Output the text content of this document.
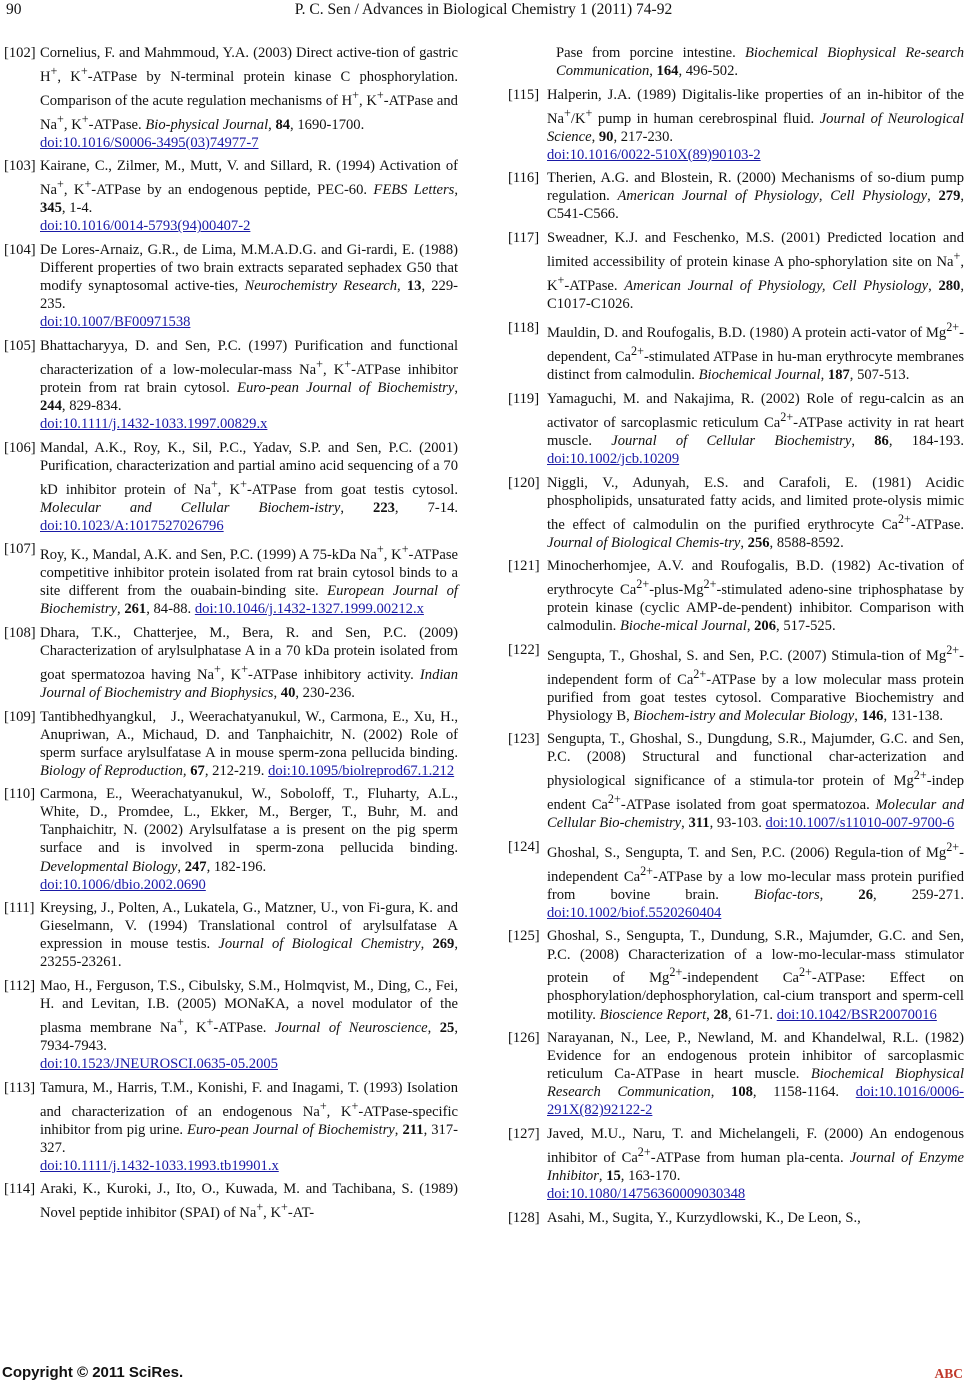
90	P. C. Sen / Advances in Biological Chemistry 1 (2011) 74-92
[102] Cornelius, F. and Mahmmoud, Y.A. (2003) Direct active-tion of gastric H+, K+-ATPase by N-terminal protein kinase C phosphorylation. Comparison of the acute regulation mechanisms of H+, K+-ATPase and Na+, K+-ATPase. Bio-physical Journal, 84, 1690-1700.
doi:10.1016/S0006-3495(03)74977-7
[103] Kairane, C., Zilmer, M., Mutt, V. and Sillard, R. (1994) Activation of Na+, K+-ATPase by an endogenous peptide, PEC-60. FEBS Letters, 345, 1-4.
doi:10.1016/0014-5793(94)00407-2
[104] De Lores-Arnaiz, G.R., de Lima, M.M.A.D.G. and Gi-rardi, E. (1988) Different properties of two brain extracts separated sephadex G50 that modify synaptosomal active-ties, Neurochemistry Research, 13, 229-235.
doi:10.1007/BF00971538
[105] Bhattacharyya, D. and Sen, P.C. (1997) Purification and functional characterization of a low-molecular-mass Na+, K+-ATPase inhibitor protein from rat brain cytosol. Euro-pean Journal of Biochemistry, 244, 829-834.
doi:10.1111/j.1432-1033.1997.00829.x
[106] Mandal, A.K., Roy, K., Sil, P.C., Yadav, S.P. and Sen, P.C. (2001) Purification, characterization and partial amino acid sequencing of a 70 kD inhibitor protein of Na+, K+-ATPase from goat testis cytosol. Molecular and Cellular Biochem-istry, 223, 7-14. doi:10.1023/A:1017527026796
[107] Roy, K., Mandal, A.K. and Sen, P.C. (1999) A 75-kDa Na+, K+-ATPase competitive inhibitor protein isolated from rat brain cytosol binds to a site different from the ouabain-binding site. European Journal of Biochemistry, 261, 84-88. doi:10.1046/j.1432-1327.1999.00212.x
[108] Dhara, T.K., Chatterjee, M., Bera, R. and Sen, P.C. (2009) Characterization of arylsulphatase A in a 70 kDa protein isolated from goat spermatozoa having Na+, K+-ATPase inhibitory activity. Indian Journal of Biochemistry and Biophysics, 40, 230-236.
[109] Tantibhedhyangkul,   J., Weerachatyanukul, W., Carmona, E., Xu, H., Anupriwan, A., Michaud, D. and Tanphaichitr, N. (2002) Role of sperm surface arylsulfatase A in mouse sperm-zona pellucida binding. Biology of Reproduction, 67, 212-219. doi:10.1095/biolreprod67.1.212
[110] Carmona, E., Weerachatyanukul, W., Soboloff, T., Fluharty, A.L., White, D., Promdee, L., Ekker, M., Berger, T., Buhr, M. and Tanphaichitr, N. (2002) Arylsulfatase a is present on the pig sperm surface and is involved in sperm-zona pellucida binding. Developmental Biology, 247, 182-196.
doi:10.1006/dbio.2002.0690
[111] Kreysing, J., Polten, A., Lukatela, G., Matzner, U., von Fi-gura, K. and Gieselmann, V. (1994) Translational control of arylsulfatase A expression in mouse testis. Journal of Biological Chemistry, 269, 23255-23261.
[112] Mao, H., Ferguson, T.S., Cibulsky, S.M., Holmqvist, M., Ding, C., Fei, H. and Levitan, I.B. (2005) MONaKA, a novel modulator of the plasma membrane Na+, K+-ATPase. Journal of Neuroscience, 25, 7934-7943.
doi:10.1523/JNEUROSCI.0635-05.2005
[113] Tamura, M., Harris, T.M., Konishi, F. and Inagami, T. (1993) Isolation and characterization of an endogenous Na+, K+-ATPase-specific inhibitor from pig urine. Euro-pean Journal of Biochemistry, 211, 317-327.
doi:10.1111/j.1432-1033.1993.tb19901.x
[114] Araki, K., Kuroki, J., Ito, O., Kuwada, M. and Tachibana, S. (1989) Novel peptide inhibitor (SPAI) of Na+, K+-AT-
Pase from porcine intestine. Biochemical Biophysical Re-search Communication, 164, 496-502.
[115] Halperin, J.A. (1989) Digitalis-like properties of an in-hibitor of the Na+/K+ pump in human cerebrospinal fluid. Journal of Neurological Science, 90, 217-230.
doi:10.1016/0022-510X(89)90103-2
[116] Therien, A.G. and Blostein, R. (2000) Mechanisms of so-dium pump regulation. American Journal of Physiology, Cell Physiology, 279, C541-C566.
[117] Sweadner, K.J. and Feschenko, M.S. (2001) Predicted location and limited accessibility of protein kinase A pho-sphorylation site on Na+, K+-ATPase. American Journal of Physiology, Cell Physiology, 280, C1017-C1026.
[118] Mauldin, D. and Roufogalis, B.D. (1980) A protein acti-vator of $Mg^{2+}$-dependent, $Ca^{2+}$-stimulated ATPase in hu-man erythrocyte membranes distinct from calmodulin. Biochemical Journal, 187, 507-513.
[119] Yamaguchi, M. and Nakajima, R. (2002) Role of regu-calcin as an activator of sarcoplasmic reticulum $Ca^{2+}$-ATPase activity in rat heart muscle. Journal of Cellular Biochemistry, 86, 184-193. doi:10.1002/jcb.10209
[120] Niggli, V., Adunyah, E.S. and Carafoli, E. (1981) Acidic phospholipids, unsaturated fatty acids, and limited prote-olysis mimic the effect of calmodulin on the purified erythrocyte $Ca^{2+}$-ATPase. Journal of Biological Chemis-try, 256, 8588-8592.
[121] Minocherhomjee, A.V. and Roufogalis, B.D. (1982) Ac-tivation of erythrocyte $Ca^{2+}-plus-Mg^{2+}$-stimulated adeno-sine triphosphatase by protein kinase (cyclic AMP-de-pendent) inhibitor. Comparison with calmodulin. Bioche-mical Journal, 206, 517-525.
[122] Sengupta, T., Ghoshal, S. and Sen, P.C. (2007) Stimula-tion of $Mg^{2+}$-independent form of $Ca^{2+}$-ATPase by a low molecular mass protein purified from goat testes cytosol. Comparative Biochemistry and Physiology B, Biochem-istry and Molecular Biology, 146, 131-138.
[123] Sengupta, T., Ghoshal, S., Dungdung, S.R., Majumder, G.C. and Sen, P.C. (2008) Structural and functional char-acterization and physiological significance of a stimula-tor protein of $Mg^{2+}$-indep endent $Ca^{2+}$-ATPase isolated from goat spermatozoa. Molecular and Cellular Bio-chemistry, 311, 93-103. doi:10.1007/s11010-007-9700-6
[124] Ghoshal, S., Sengupta, T. and Sen, P.C. (2006) Regula-tion of $Mg^{2+}$-independent $Ca^{2+}$-ATPase by a low mo-lecular mass protein purified from bovine brain. Biofac-tors, 26, 259-271. doi:10.1002/biof.5520260404
[125] Ghoshal, S., Sengupta, T., Dundung, S.R., Majumder, G.C. and Sen, P.C. (2008) Characterization of a low-mo-lecular-mass stimulator protein of $Mg^{2+}$-independent $Ca^{2+}$-ATPase: Effect on phosphorylation/dephosphorylation, cal-cium transport and sperm-cell motility. Bioscience Report, 28, 61-71. doi:10.1042/BSR20070016
[126] Narayanan, N., Lee, P., Newland, M. and Khandelwal, R.L. (1982) Evidence for an endogenous protein inhibitor of sarcoplasmic reticulum Ca-ATPase in heart muscle. Biochemical Biophysical Research Communication, 108, 1158-1164. doi:10.1016/0006-291X(82)92122-2
[127] Javed, M.U., Naru, T. and Michelangeli, F. (2000) An endogenous inhibitor of $Ca^{2+}$-ATPase from human pla-centa. Journal of Enzyme Inhibitor, 15, 163-170.
doi:10.1080/14756360009030348
[128] Asahi, M., Sugita, Y., Kurzydlowski, K., De Leon, S.,
Copyright © 2011 SciRes.	ABC
